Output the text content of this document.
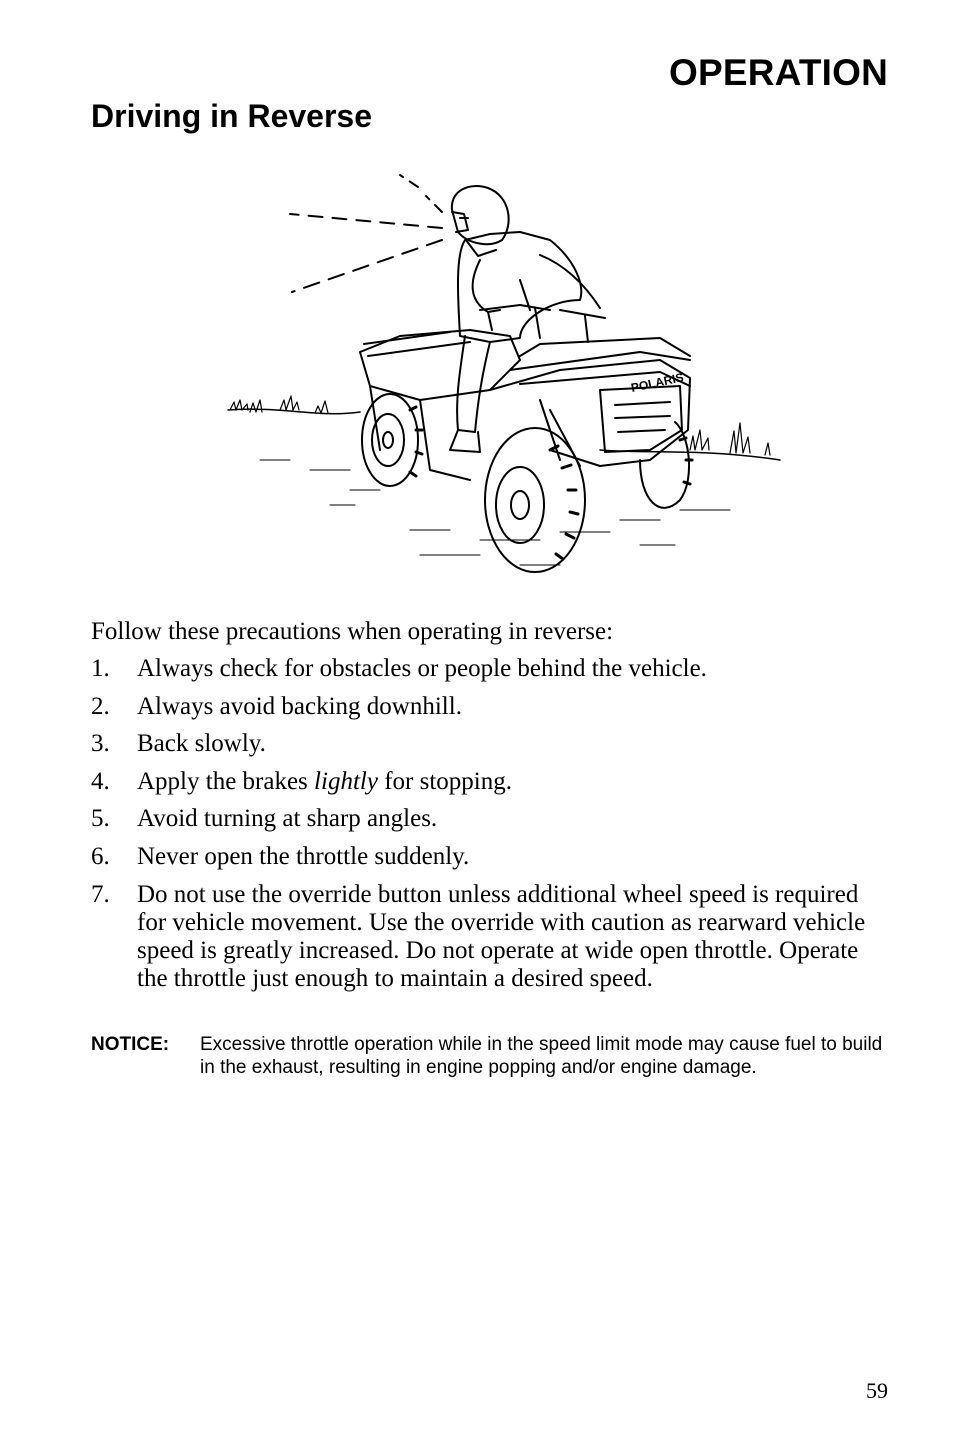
OPERATION
Driving in Reverse
POLARIS
Follow these precautions when operating in reverse:
1. Always check for obstacles or people behind the vehicle.
2. Always avoid backing downhill.
3. Back slowly.
4. Apply the brakes lightly for stopping.
5. Avoid turning at sharp angles.
6. Never open the throttle suddenly.
7. Do not use the override button unless additional wheel speed is required for vehicle movement. Use the override with caution as rearward vehicle speed is greatly increased. Do not operate at wide open throttle. Operate the throttle just enough to maintain a desired speed.
NOTICE: Excessive throttle operation while in the speed limit mode may cause fuel to build in the exhaust, resulting in engine popping and/or engine damage.
59
